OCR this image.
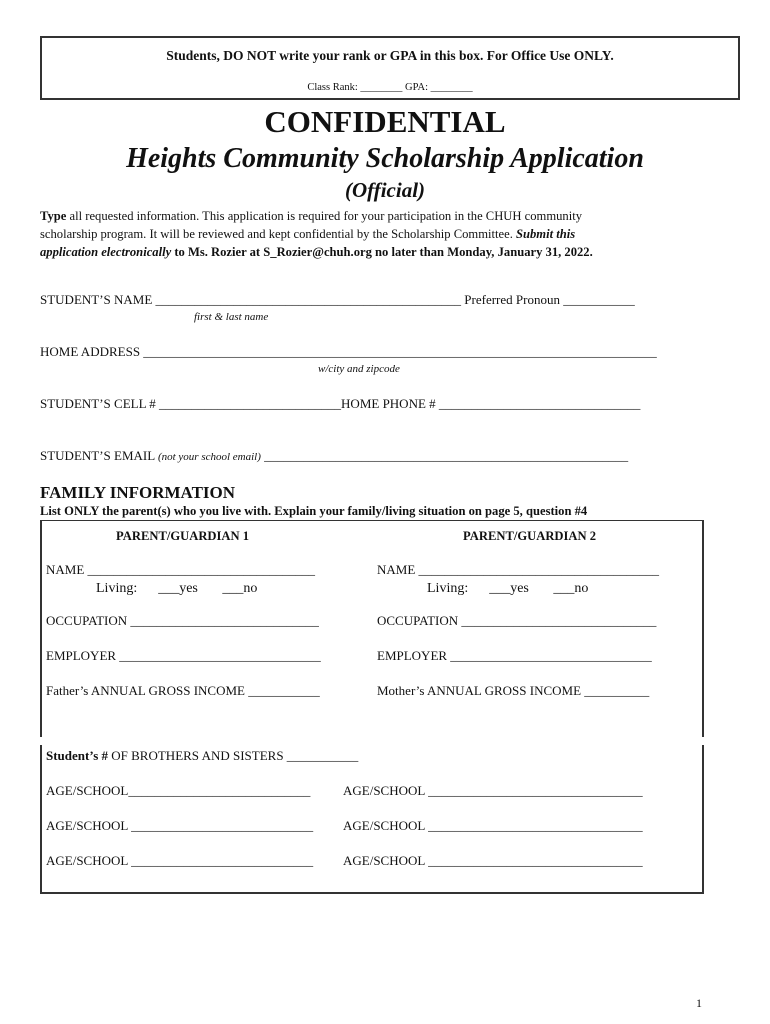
Students, DO NOT write your rank or GPA in this box. For Office Use ONLY.
Class Rank: ________ GPA: ________
CONFIDENTIAL
Heights Community Scholarship Application
(Official)
Type all requested information. This application is required for your participation in the CHUH community
scholarship program. It will be reviewed and kept confidential by the Scholarship Committee. Submit this
application electronically to Ms. Rozier at S_Rozier@chuh.org no later than Monday, January 31, 2022.
STUDENT’S NAME _______________________________________________ Preferred Pronoun ___________
first & last name
HOME ADDRESS _______________________________________________________________________________
w/city and zipcode
STUDENT’S CELL # ____________________________HOME PHONE # _______________________________
STUDENT’S EMAIL (not your school email) ________________________________________________________
FAMILY INFORMATION
List ONLY the parent(s) who you live with. Explain your family/living situation on page 5, question #4
PARENT/GUARDIAN 1	PARENT/GUARDIAN 2
NAME ___________________________________	NAME _____________________________________
Living:      ___yes       ___no	Living:      ___yes       ___no
OCCUPATION _____________________________	OCCUPATION ______________________________
EMPLOYER _______________________________	EMPLOYER _______________________________
Father’s ANNUAL GROSS INCOME ___________	Mother’s ANNUAL GROSS INCOME __________
Student’s # OF BROTHERS AND SISTERS ___________
AGE/SCHOOL____________________________	AGE/SCHOOL _________________________________
AGE/SCHOOL ____________________________ AGE/SCHOOL _________________________________
AGE/SCHOOL ____________________________ AGE/SCHOOL _________________________________
1
